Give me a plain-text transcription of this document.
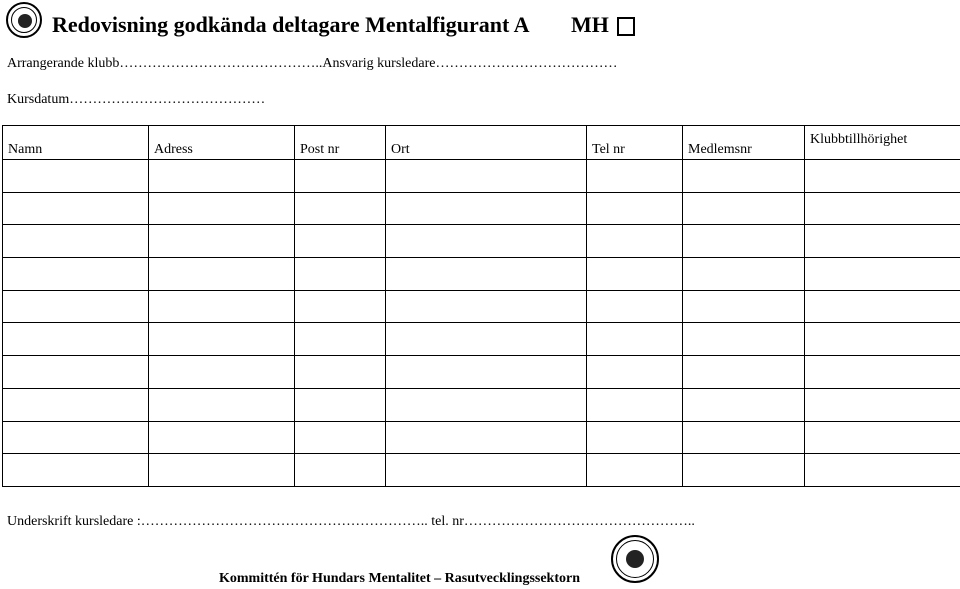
Redovisning godkända deltagare Mentalfigurant A MH
Arrangerande klubb……………………………………..Ansvarig kursledare…………………………………
Kursdatum……………………………………
Namn	Adress	Post nr	Ort	Tel nr	Medlemsnr	Klubbtillhörighet

Underskrift kursledare :…………………………………………………….. tel. nr…………………………………………..
Kommittén för Hundars Mentalitet – Rasutvecklingssektorn
